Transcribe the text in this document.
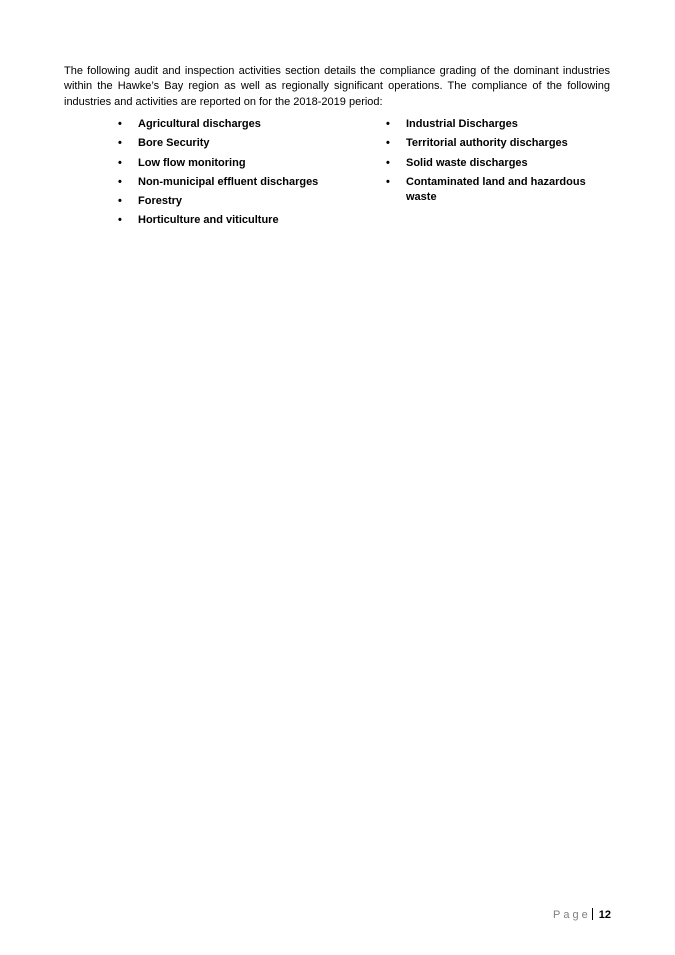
The following audit and inspection activities section details the compliance grading of the dominant industries within the Hawke’s Bay region as well as regionally significant operations. The compliance of the following industries and activities are reported on for the 2018-2019 period:

• Agricultural discharges
• Bore Security
• Low flow monitoring
• Non-municipal effluent discharges
• Forestry
• Horticulture and viticulture
• Industrial Discharges
• Territorial authority discharges
• Solid waste discharges
• Contaminated land and hazardous waste
Page 12
